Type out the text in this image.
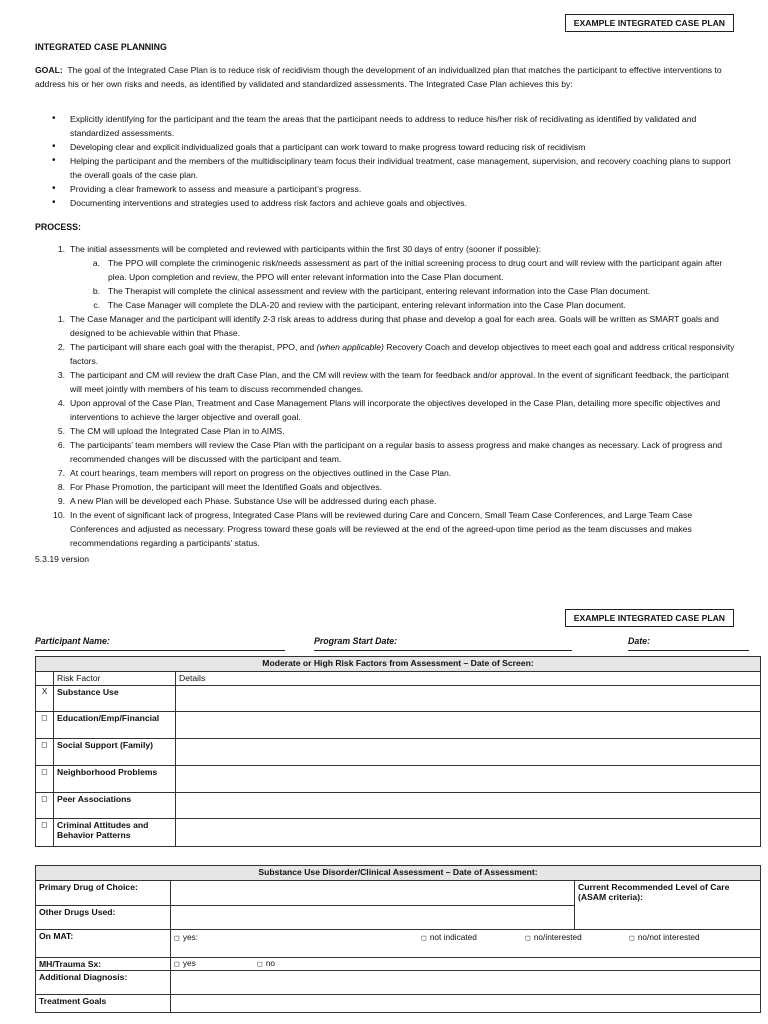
EXAMPLE INTEGRATED CASE PLAN
INTEGRATED CASE PLANNING
GOAL: The goal of the Integrated Case Plan is to reduce risk of recidivism though the development of an individualized plan that matches the participant to effective interventions to address his or her own risks and needs, as identified by validated and standardized assessments. The Integrated Case Plan achieves this by:
• Explicitly identifying for the participant and the team the areas that the participant needs to address to reduce his/her risk of recidivating as identified by validated and standardized assessments.
• Developing clear and explicit individualized goals that a participant can work toward to make progress toward reducing risk of recidivism
• Helping the participant and the members of the multidisciplinary team focus their individual treatment, case management, supervision, and recovery coaching plans to support the overall goals of the case plan.
• Providing a clear framework to assess and measure a participant’s progress.
• Documenting interventions and strategies used to address risk factors and achieve goals and objectives.
PROCESS:
1. The initial assessments will be completed and reviewed with participants within the first 30 days of entry (sooner if possible):
a. The PPO will complete the criminogenic risk/needs assessment as part of the initial screening process to drug court and will review with the participant again after plea. Upon completion and review, the PPO will enter relevant information into the Case Plan document.
b. The Therapist will complete the clinical assessment and review with the participant, entering relevant information into the Case Plan document.
c. The Case Manager will complete the DLA-20 and review with the participant, entering relevant information into the Case Plan document.
1. The Case Manager and the participant will identify 2-3 risk areas to address during that phase and develop a goal for each area. Goals will be written as SMART goals and designed to be achievable within that Phase.
2. The participant will share each goal with the therapist, PPO, and (when applicable) Recovery Coach and develop objectives to meet each goal and address critical responsivity factors.
3. The participant and CM will review the draft Case Plan, and the CM will review with the team for feedback and/or approval. In the event of significant feedback, the participant will meet jointly with members of his team to discuss recommended changes.
4. Upon approval of the Case Plan, Treatment and Case Management Plans will incorporate the objectives developed in the Case Plan, detailing more specific objectives and interventions to achieve the larger objective and overall goal.
5. The CM will upload the Integrated Case Plan in to AIMS.
6. The participants’ team members will review the Case Plan with the participant on a regular basis to assess progress and make changes as necessary. Lack of progress and recommended changes will be discussed with the participant and team.
7. At court hearings, team members will report on progress on the objectives outlined in the Case Plan.
8. For Phase Promotion, the participant will meet the Identified Goals and objectives.
9. A new Plan will be developed each Phase. Substance Use will be addressed during each phase.
10. In the event of significant lack of progress, Integrated Case Plans will be reviewed during Care and Concern, Small Team Case Conferences, and Large Team Case Conferences and adjusted as necessary. Progress toward these goals will be reviewed at the end of the agreed-upon time period as the team discusses and makes recommendations regarding a participants’ status.
5.3.19 version
EXAMPLE INTEGRATED CASE PLAN
Participant Name:	Program Start Date:	Date:
Moderate or High Risk Factors from Assessment – Date of Screen:		
	Risk Factor	Details
X	Substance Use	
◻	Education/Emp/Financial	
◻	Social Support (Family)	
◻	Neighborhood Problems	
◻	Peer Associations	
◻	Criminal Attitudes and Behavior Patterns	
Substance Use Disorder/Clinical Assessment – Date of Assessment:		
Primary Drug of Choice:		Current Recommended Level of Care (ASAM criteria):
Other Drugs Used:		
On MAT:	◻ yes: ◻ not indicated ◻ no/interested ◻ no/not interested	

MH/Trauma Sx:	◻ yes ◻ no	

Additional Diagnosis:		
Treatment Goals		
